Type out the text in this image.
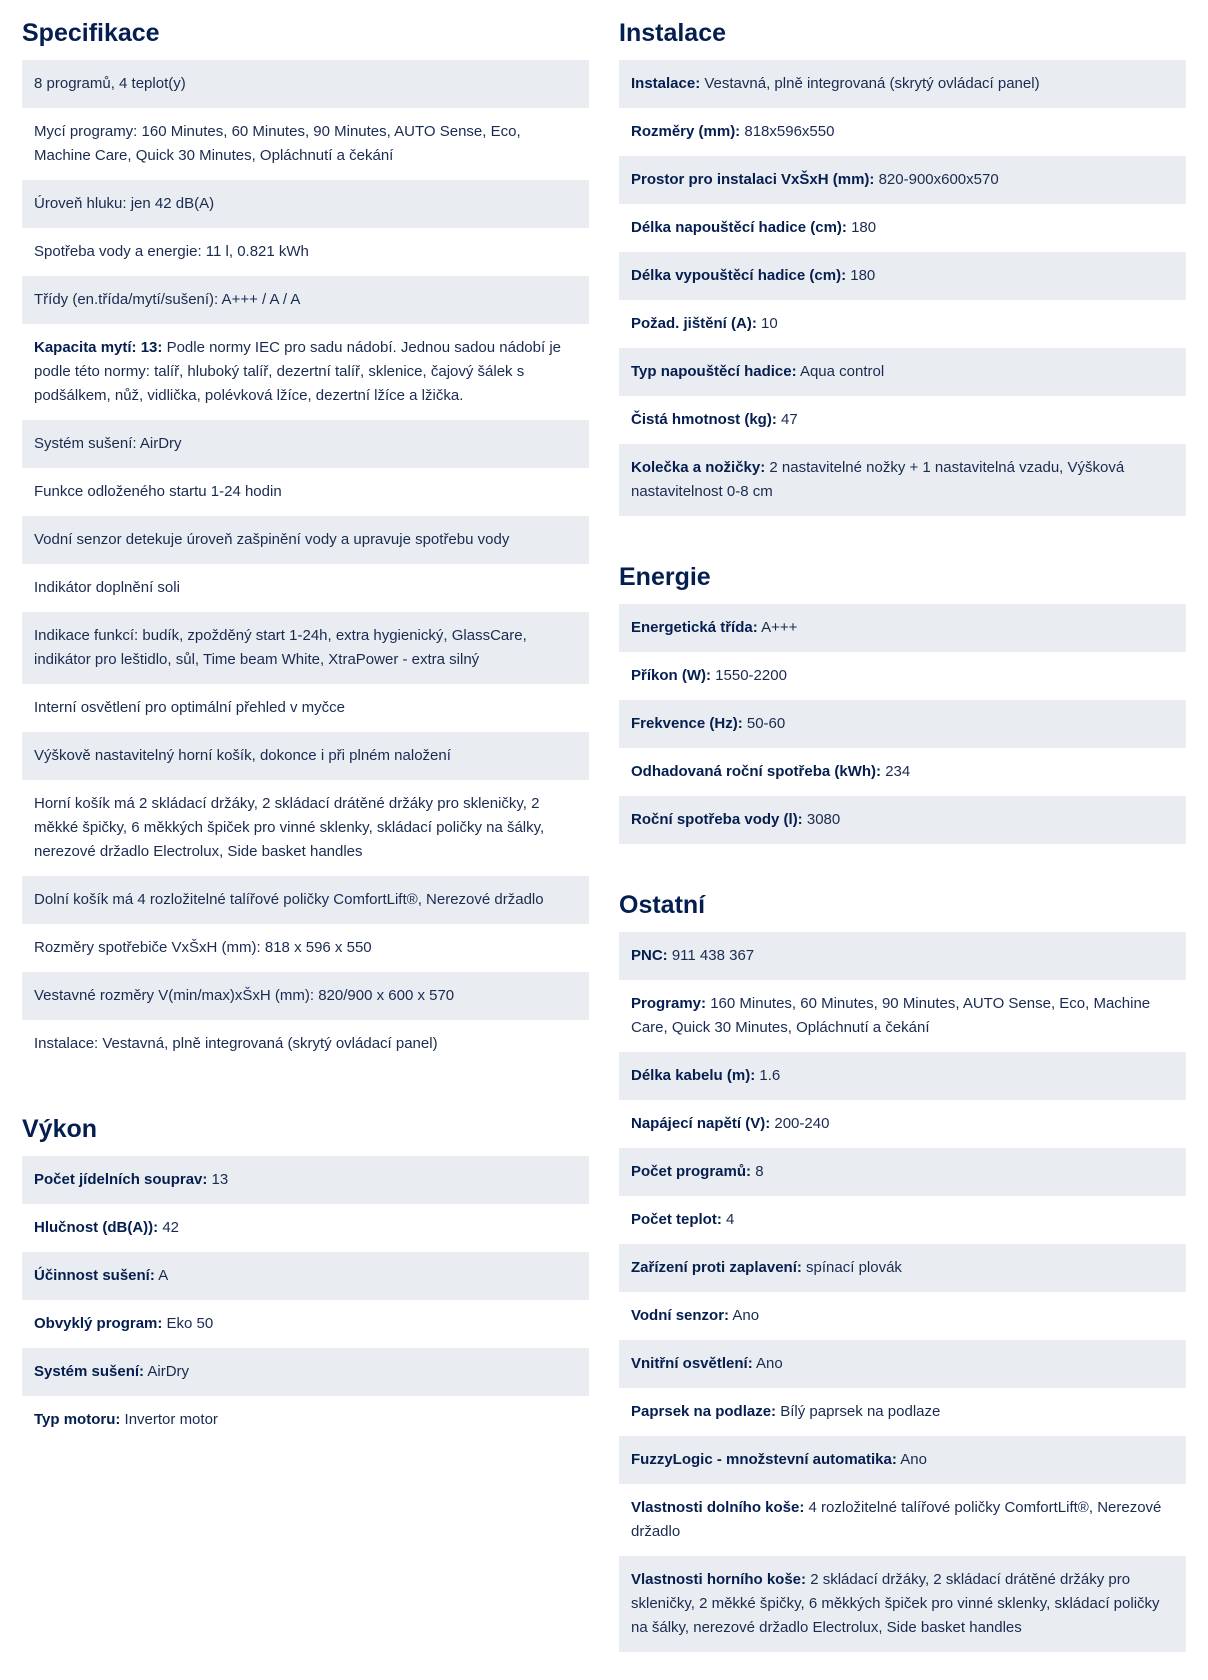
Specifikace
8 programů, 4 teplot(y)
Mycí programy: 160 Minutes, 60 Minutes, 90 Minutes, AUTO Sense, Eco, Machine Care, Quick 30 Minutes, Opláchnutí a čekání
Úroveň hluku: jen 42 dB(A)
Spotřeba vody a energie: 11 l, 0.821 kWh
Třídy (en.třída/mytí/sušení): A+++ / A / A
Kapacita mytí: 13: Podle normy IEC pro sadu nádobí. Jednou sadou nádobí je podle této normy: talíř, hluboký talíř, dezertní talíř, sklenice, čajový šálek s podšálkem, nůž, vidlička, polévková lžíce, dezertní lžíce a lžička.
Systém sušení: AirDry
Funkce odloženého startu 1-24 hodin
Vodní senzor detekuje úroveň zašpinění vody a upravuje spotřebu vody
Indikátor doplnění soli
Indikace funkcí: budík, zpožděný start 1-24h, extra hygienický, GlassCare, indikátor pro leštidlo, sůl, Time beam White, XtraPower - extra silný
Interní osvětlení pro optimální přehled v myčce
Výškově nastavitelný horní košík, dokonce i při plném naložení
Horní košík má 2 skládací držáky, 2 skládací drátěné držáky pro skleničky, 2 měkké špičky, 6 měkkých špiček pro vinné sklenky, skládací poličky na šálky, nerezové držadlo Electrolux, Side basket handles
Dolní košík má 4 rozložitelné talířové poličky ComfortLift®, Nerezové držadlo
Rozměry spotřebiče VxŠxH (mm): 818 x 596 x 550
Vestavné rozměry V(min/max)xŠxH (mm): 820/900 x 600 x 570
Instalace: Vestavná, plně integrovaná (skrytý ovládací panel)
Výkon
Počet jídelních souprav: 13
Hlučnost (dB(A)): 42
Účinnost sušení: A
Obvyklý program: Eko 50
Systém sušení: AirDry
Typ motoru: Invertor motor
Instalace
Instalace: Vestavná, plně integrovaná (skrytý ovládací panel)
Rozměry (mm): 818x596x550
Prostor pro instalaci VxŠxH (mm): 820-900x600x570
Délka napouštěcí hadice (cm): 180
Délka vypouštěcí hadice (cm): 180
Požad. jištění (A): 10
Typ napouštěcí hadice: Aqua control
Čistá hmotnost (kg): 47
Kolečka a nožičky: 2 nastavitelné nožky + 1 nastavitelná vzadu, Výšková nastavitelnost 0-8 cm
Energie
Energetická třída: A+++
Příkon (W): 1550-2200
Frekvence (Hz): 50-60
Odhadovaná roční spotřeba (kWh): 234
Roční spotřeba vody (l): 3080
Ostatní
PNC: 911 438 367
Programy: 160 Minutes, 60 Minutes, 90 Minutes, AUTO Sense, Eco, Machine Care, Quick 30 Minutes, Opláchnutí a čekání
Délka kabelu (m): 1.6
Napájecí napětí (V): 200-240
Počet programů: 8
Počet teplot: 4
Zařízení proti zaplavení: spínací plovák
Vodní senzor: Ano
Vnitřní osvětlení: Ano
Paprsek na podlaze: Bílý paprsek na podlaze
FuzzyLogic - množstevní automatika: Ano
Vlastnosti dolního koše: 4 rozložitelné talířové poličky ComfortLift®, Nerezové držadlo
Vlastnosti horního koše: 2 skládací držáky, 2 skládací drátěné držáky pro skleničky, 2 měkké špičky, 6 měkkých špiček pro vinné sklenky, skládací poličky na šálky, nerezové držadlo Electrolux, Side basket handles
